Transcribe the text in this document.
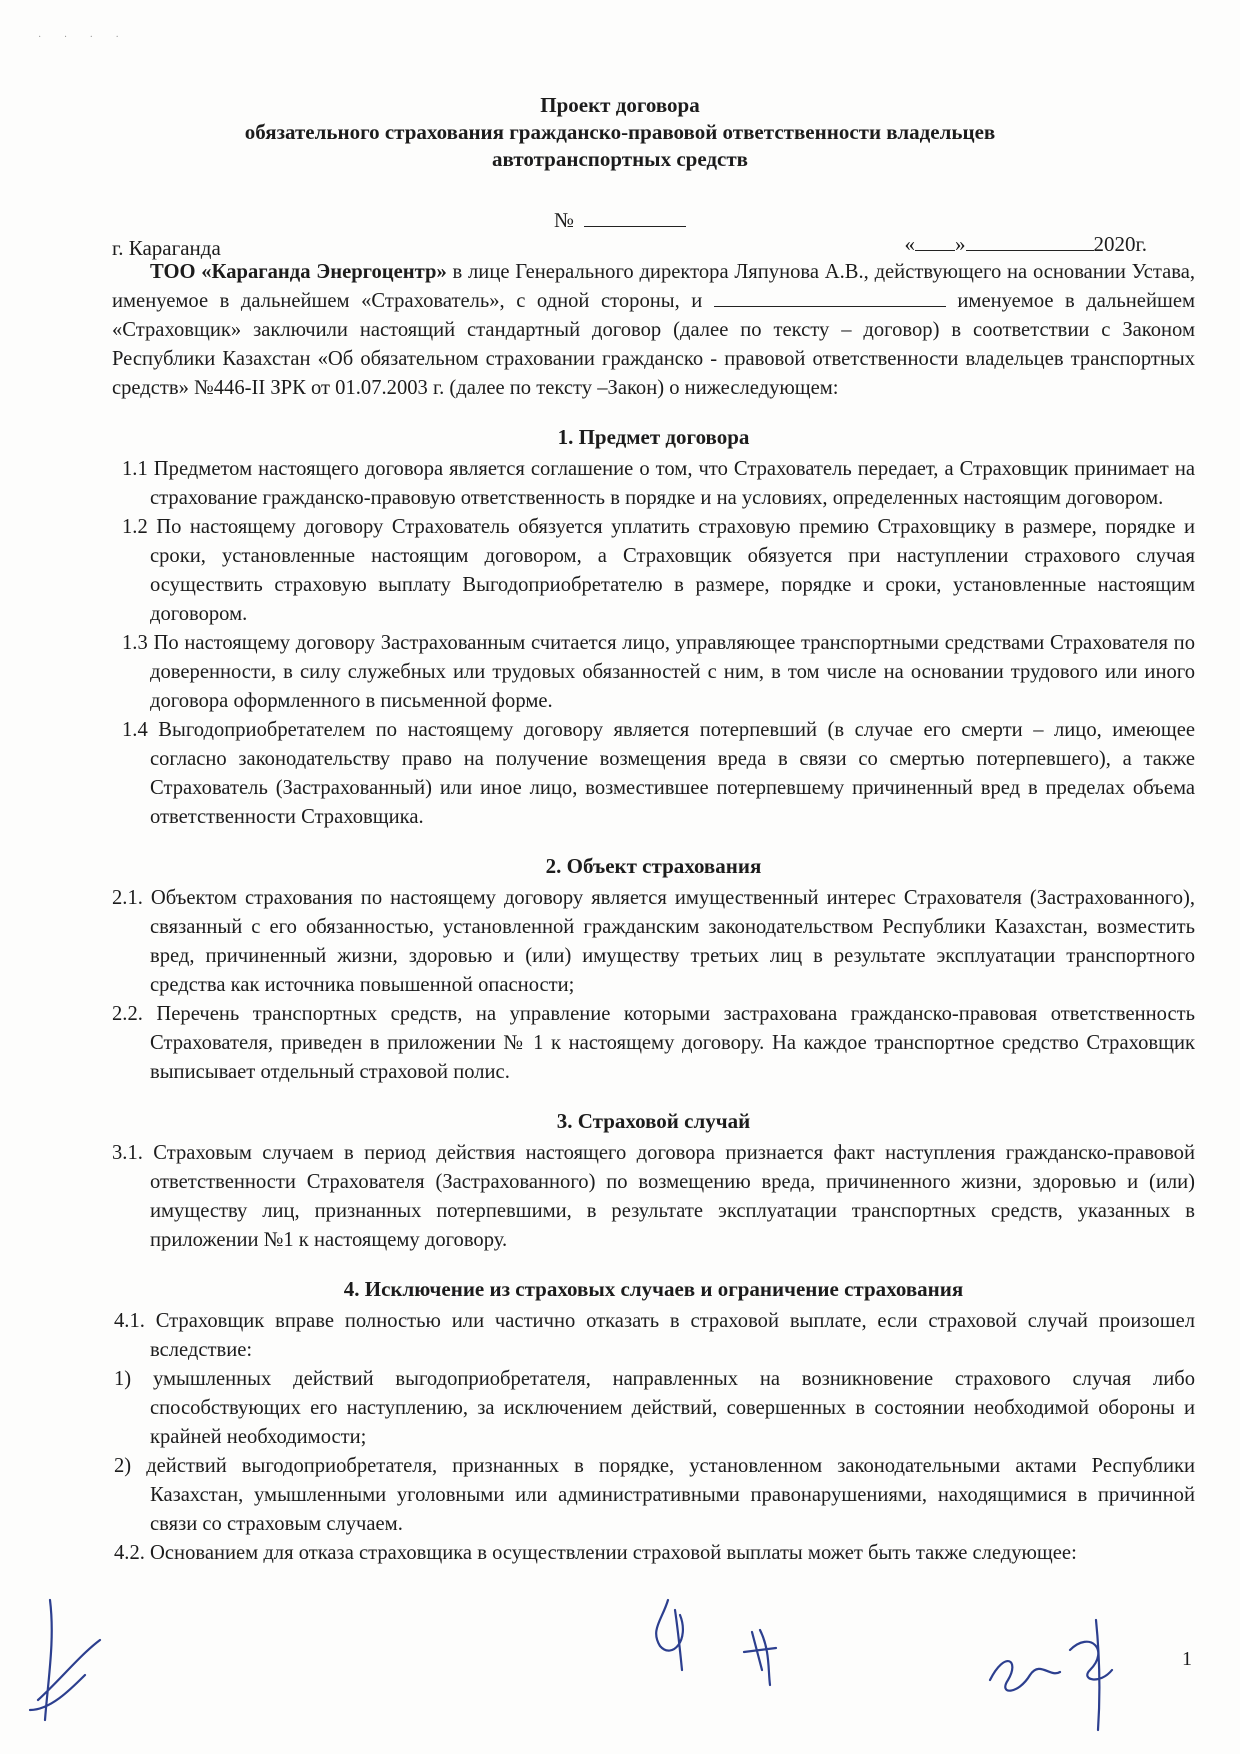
· · · ·
Проект договора
обязательного страхования гражданско-правовой ответственности владельцев
автотранспортных средств
№
г. Караганда	« »	2020г.

ТОО «Караганда Энергоцентр» в лице Генерального директора Ляпунова А.В., действующего на основании Устава, именуемое в дальнейшем «Страхователь», с одной стороны, и	именуемое в дальнейшем «Страховщик» заключили настоящий стандартный договор (далее по тексту – договор) в соответствии с Законом Республики Казахстан «Об обязательном страховании гражданско - правовой ответственности владельцев транспортных средств» №446-II ЗРК от 01.07.2003 г. (далее по тексту –Закон) о нижеследующем:

1. Предмет договора

1.1 Предметом настоящего договора является соглашение о том, что Страхователь передает, а Страховщик принимает на страхование гражданско-правовую ответственность в порядке и на условиях, определенных настоящим договором.

1.2 По настоящему договору Страхователь обязуется уплатить страховую премию Страховщику в размере, порядке и сроки, установленные настоящим договором, а Страховщик обязуется при наступлении страхового случая осуществить страховую выплату Выгодоприобретателю в размере, порядке и сроки, установленные настоящим договором.

1.3 По настоящему договору Застрахованным считается лицо, управляющее транспортными средствами Страхователя по доверенности, в силу служебных или трудовых обязанностей с ним, в том числе на основании трудового или иного договора оформленного в письменной форме.

1.4 Выгодоприобретателем по настоящему договору является потерпевший (в случае его смерти – лицо, имеющее согласно законодательству право на получение возмещения вреда в связи со смертью потерпевшего), а также Страхователь (Застрахованный) или иное лицо, возместившее потерпевшему причиненный вред в пределах объема ответственности Страховщика.

2. Объект страхования

2.1. Объектом страхования по настоящему договору является имущественный интерес Страхователя (Застрахованного), связанный с его обязанностью, установленной гражданским законодательством Республики Казахстан, возместить вред, причиненный жизни, здоровью и (или) имуществу третьих лиц в результате эксплуатации транспортного средства как источника повышенной опасности;

2.2. Перечень транспортных средств, на управление которыми застрахована гражданско-правовая ответственность Страхователя, приведен в приложении № 1 к настоящему договору. На каждое транспортное средство Страховщик выписывает отдельный страховой полис.

3. Страховой случай

3.1. Страховым случаем в период действия настоящего договора признается факт наступления гражданско-правовой ответственности Страхователя (Застрахованного) по возмещению вреда, причиненного жизни, здоровью и (или) имуществу лиц, признанных потерпевшими, в результате эксплуатации транспортных средств, указанных в приложении №1 к настоящему договору.

4. Исключение из страховых случаев и ограничение страхования

4.1. Страховщик вправе полностью или частично отказать в страховой выплате, если страховой случай произошел вследствие:

1) умышленных действий выгодоприобретателя, направленных на возникновение страхового случая либо способствующих его наступлению, за исключением действий, совершенных в состоянии необходимой обороны и крайней необходимости;

2) действий выгодоприобретателя, признанных в порядке, установленном законодательными актами Республики Казахстан, умышленными уголовными или административными правонарушениями, находящимися в причинной связи со страховым случаем.

4.2. Основанием для отказа страховщика в осуществлении страховой выплаты может быть также следующее:

1
